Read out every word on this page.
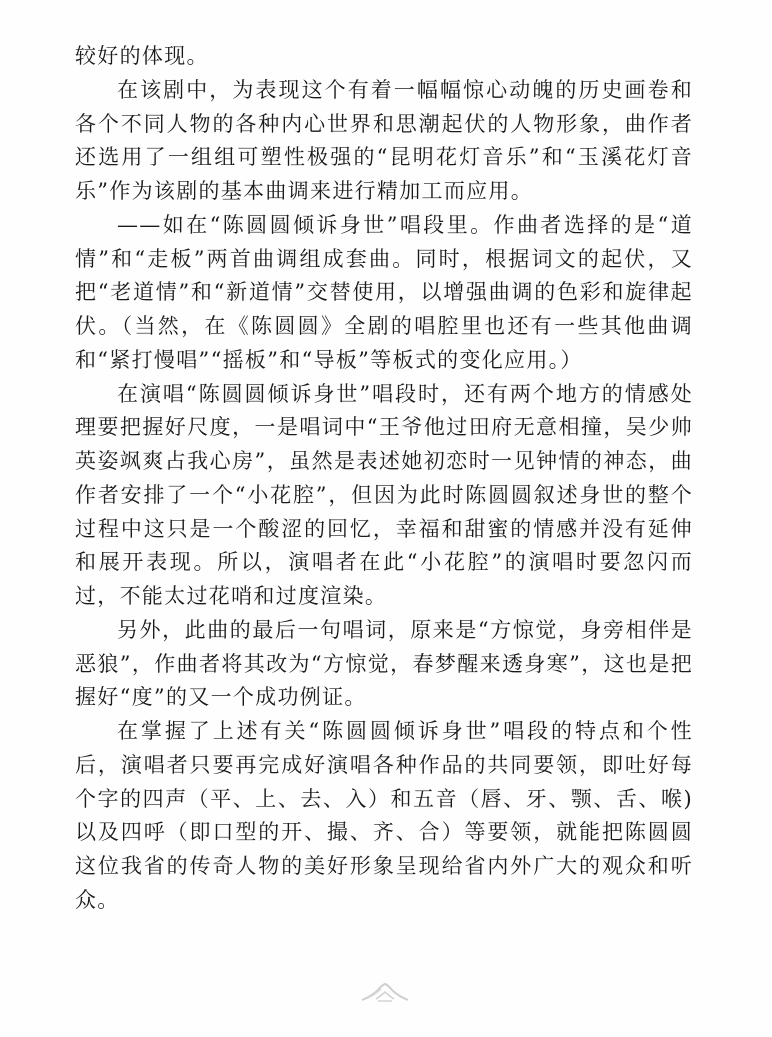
较好的体现。

在该剧中，为表现这个有着一幅幅惊心动魄的历史画卷和各个不同人物的各种内心世界和思潮起伏的人物形象，曲作者还选用了一组组可塑性极强的“昆明花灯音乐”和“玉溪花灯音乐”作为该剧的基本曲调来进行精加工而应用。

——如在“陈圆圆倾诉身世”唱段里。作曲者选择的是“道情”和“走板”两首曲调组成套曲。同时，根据词文的起伏，又把“老道情”和“新道情”交替使用，以增强曲调的色彩和旋律起伏。（当然，在《陈圆圆》全剧的唱腔里也还有一些其他曲调和“紧打慢唱”“摇板”和“导板”等板式的变化应用。）

在演唱“陈圆圆倾诉身世”唱段时，还有两个地方的情感处理要把握好尺度，一是唱词中“王爷他过田府无意相撞，吴少帅英姿飒爽占我心房”，虽然是表述她初恋时一见钟情的神态，曲作者安排了一个“小花腔”，但因为此时陈圆圆叙述身世的整个过程中这只是一个酸涩的回忆，幸福和甜蜜的情感并没有延伸和展开表现。所以，演唱者在此“小花腔”的演唱时要忽闪而过，不能太过花哨和过度渲染。

另外，此曲的最后一句唱词，原来是“方惊觉，身旁相伴是恶狼”，作曲者将其改为“方惊觉，春梦醒来透身寒”，这也是把握好“度”的又一个成功例证。

在掌握了上述有关“陈圆圆倾诉身世”唱段的特点和个性后，演唱者只要再完成好演唱各种作品的共同要领，即吐好每个字的四声（平、上、去、入）和五音（唇、牙、颚、舌、喉)以及四呼（即口型的开、撮、齐、合）等要领，就能把陈圆圆这位我省的传奇人物的美好形象呈现给省内外广大的观众和听众。
